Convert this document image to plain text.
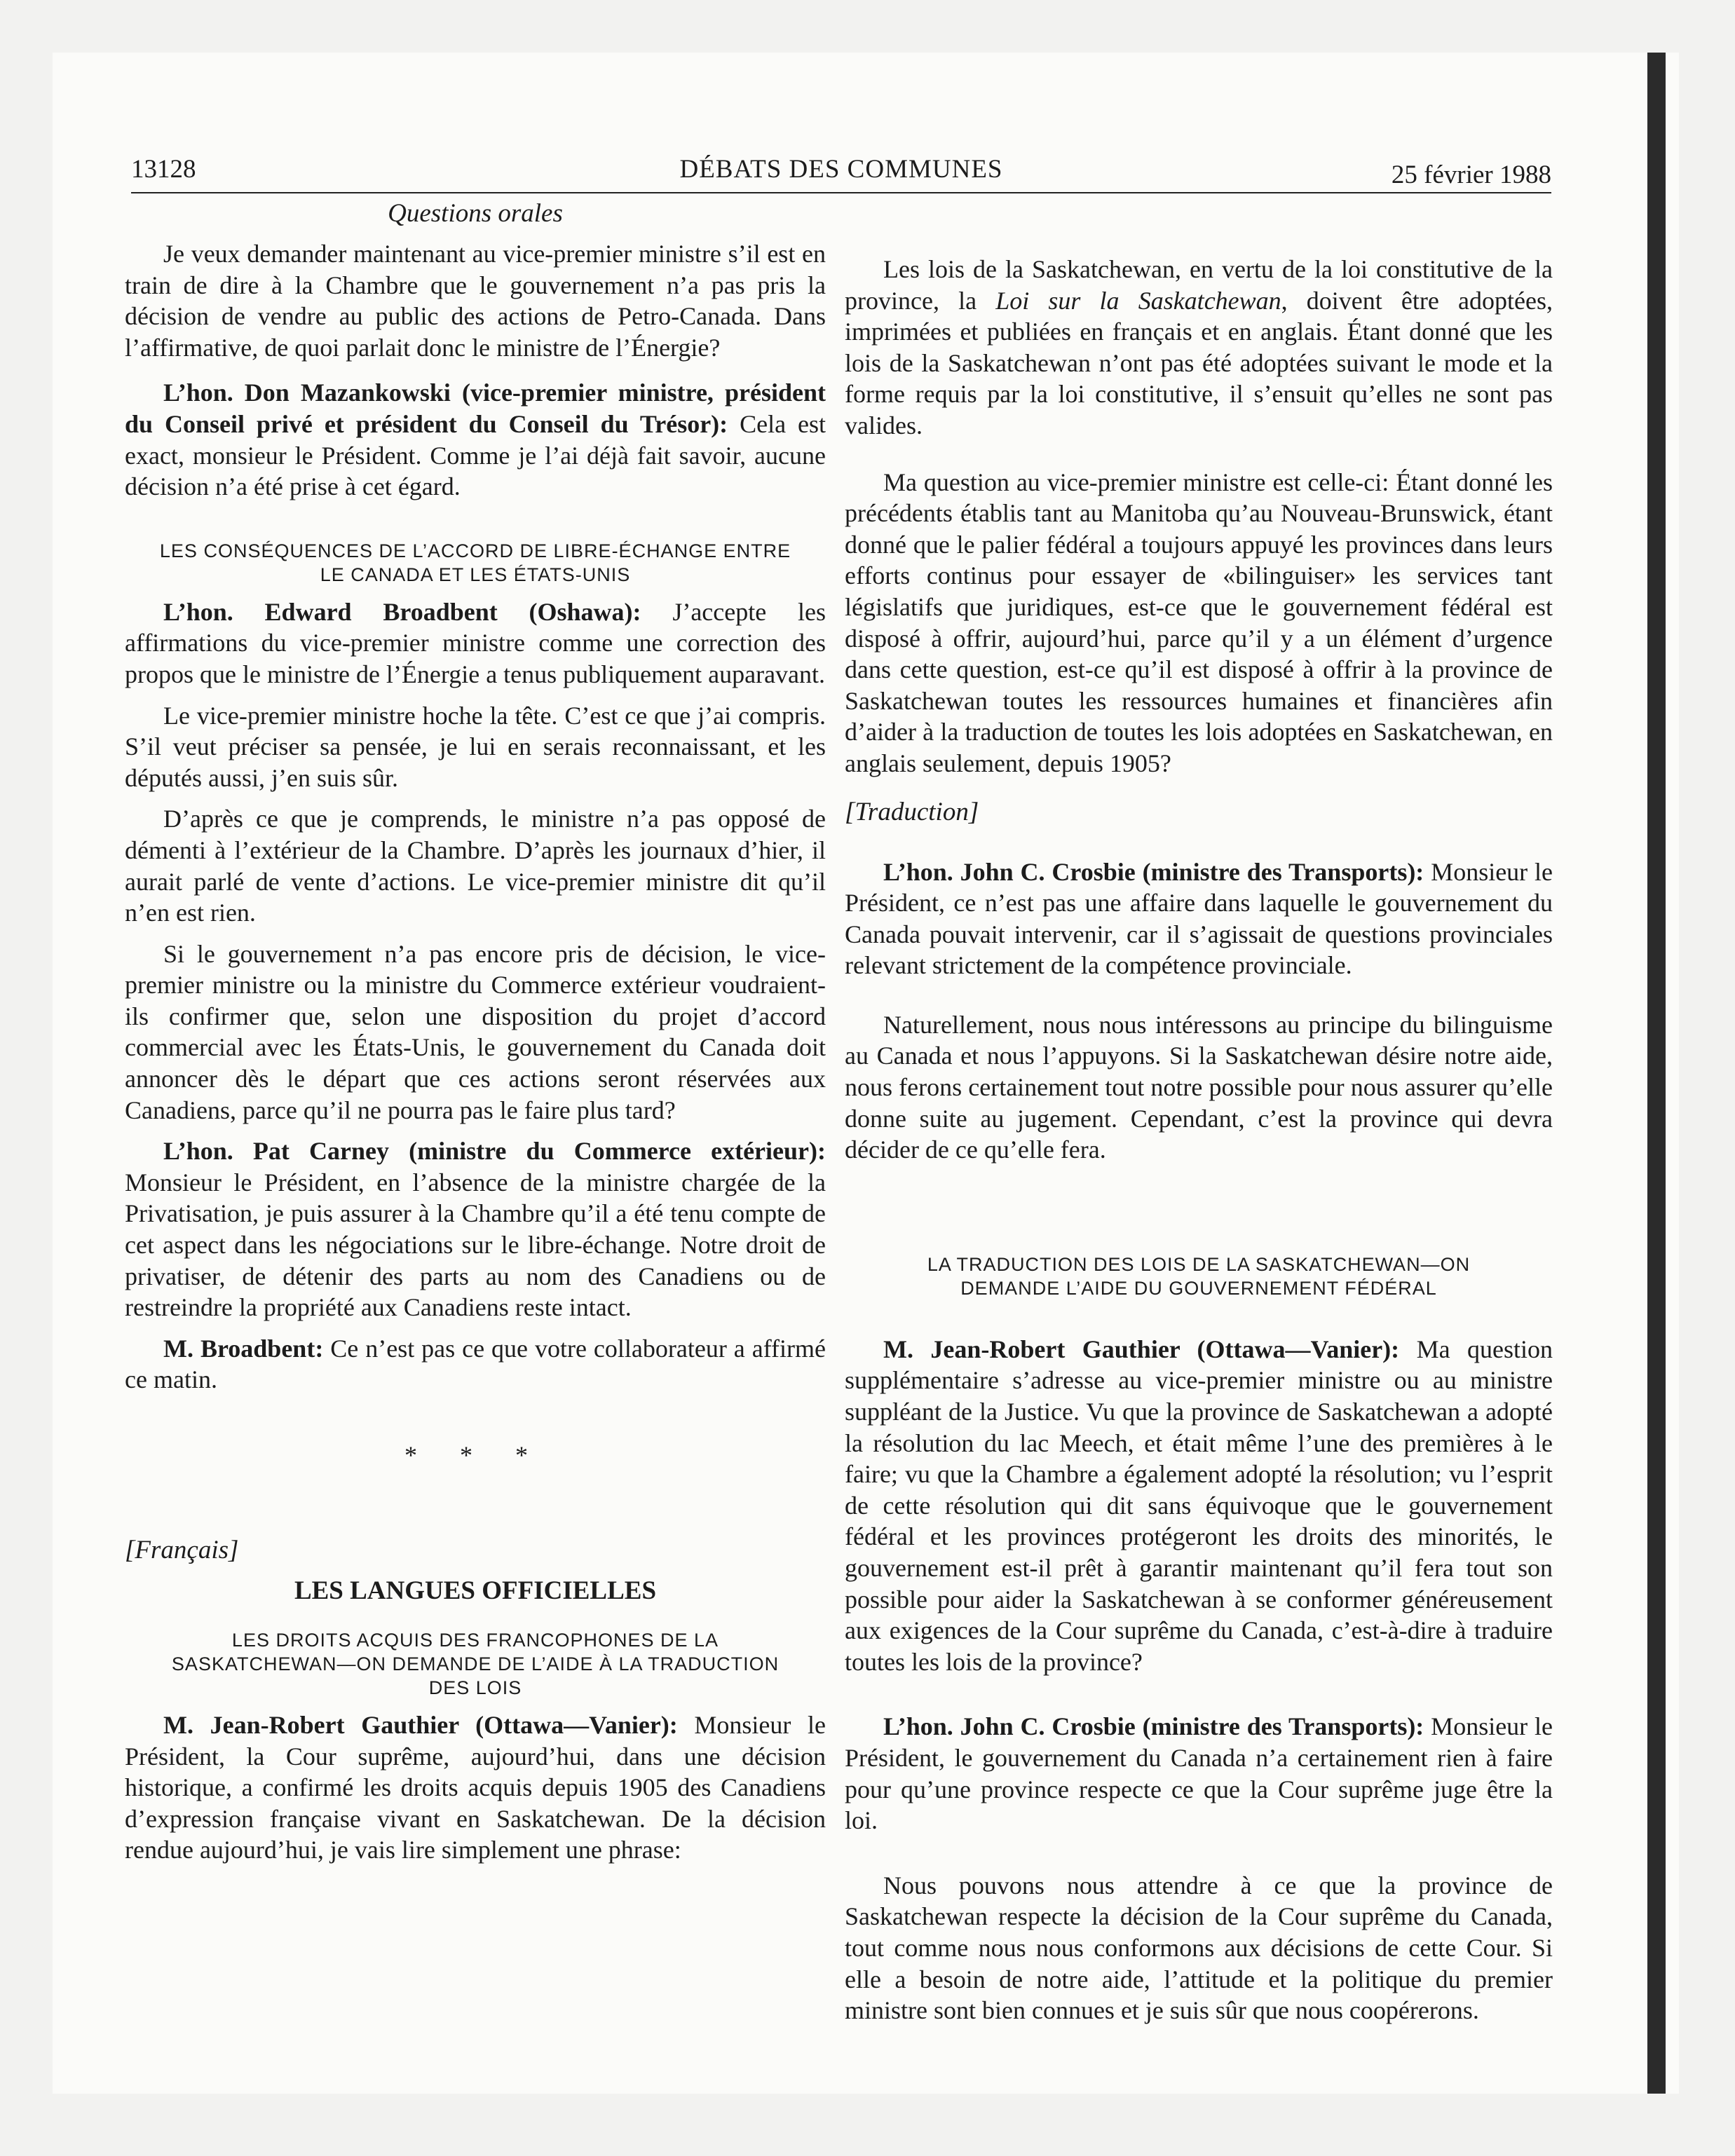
13128	DÉBATS DES COMMUNES	25 février 1988
Questions orales

Je veux demander maintenant au vice-premier ministre s’il est en train de dire à la Chambre que le gouvernement n’a pas pris la décision de vendre au public des actions de Petro-Canada. Dans l’affirmative, de quoi parlait donc le ministre de l’Énergie?

L’hon. Don Mazankowski (vice-premier ministre, président du Conseil privé et président du Conseil du Trésor): Cela est exact, monsieur le Président. Comme je l’ai déjà fait savoir, aucune décision n’a été prise à cet égard.

LES CONSÉQUENCES DE L’ACCORD DE LIBRE-ÉCHANGE ENTRE
LE CANADA ET LES ÉTATS-UNIS

L’hon. Edward Broadbent (Oshawa): J’accepte les affirmations du vice-premier ministre comme une correction des propos que le ministre de l’Énergie a tenus publiquement auparavant.

Le vice-premier ministre hoche la tête. C’est ce que j’ai compris. S’il veut préciser sa pensée, je lui en serais reconnaissant, et les députés aussi, j’en suis sûr.

D’après ce que je comprends, le ministre n’a pas opposé de démenti à l’extérieur de la Chambre. D’après les journaux d’hier, il aurait parlé de vente d’actions. Le vice-premier ministre dit qu’il n’en est rien.

Si le gouvernement n’a pas encore pris de décision, le vice-premier ministre ou la ministre du Commerce extérieur voudraient-ils confirmer que, selon une disposition du projet d’accord commercial avec les États-Unis, le gouvernement du Canada doit annoncer dès le départ que ces actions seront réservées aux Canadiens, parce qu’il ne pourra pas le faire plus tard?

L’hon. Pat Carney (ministre du Commerce extérieur): Monsieur le Président, en l’absence de la ministre chargée de la Privatisation, je puis assurer à la Chambre qu’il a été tenu compte de cet aspect dans les négociations sur le libre-échange. Notre droit de privatiser, de détenir des parts au nom des Canadiens ou de restreindre la propriété aux Canadiens reste intact.

M. Broadbent: Ce n’est pas ce que votre collaborateur a affirmé ce matin.

* * *
[Français]
LES LANGUES OFFICIELLES
LES DROITS ACQUIS DES FRANCOPHONES DE LA
SASKATCHEWAN—ON DEMANDE DE L’AIDE À LA TRADUCTION
DES LOIS

M. Jean-Robert Gauthier (Ottawa—Vanier): Monsieur le Président, la Cour suprême, aujourd’hui, dans une décision historique, a confirmé les droits acquis depuis 1905 des Canadiens d’expression française vivant en Saskatchewan. De la décision rendue aujourd’hui, je vais lire simplement une phrase:

Les lois de la Saskatchewan, en vertu de la loi constitutive de la province, la Loi sur la Saskatchewan, doivent être adoptées, imprimées et publiées en français et en anglais. Étant donné que les lois de la Saskatchewan n’ont pas été adoptées suivant le mode et la forme requis par la loi constitutive, il s’ensuit qu’elles ne sont pas valides.

Ma question au vice-premier ministre est celle-ci: Étant donné les précédents établis tant au Manitoba qu’au Nouveau-Brunswick, étant donné que le palier fédéral a toujours appuyé les provinces dans leurs efforts continus pour essayer de «bilinguiser» les services tant législatifs que juridiques, est-ce que le gouvernement fédéral est disposé à offrir, aujourd’hui, parce qu’il y a un élément d’urgence dans cette question, est-ce qu’il est disposé à offrir à la province de Saskatchewan toutes les ressources humaines et financières afin d’aider à la traduction de toutes les lois adoptées en Saskatchewan, en anglais seulement, depuis 1905?

[Traduction]

L’hon. John C. Crosbie (ministre des Transports): Monsieur le Président, ce n’est pas une affaire dans laquelle le gouvernement du Canada pouvait intervenir, car il s’agissait de questions provinciales relevant strictement de la compétence provinciale.

Naturellement, nous nous intéressons au principe du bilinguisme au Canada et nous l’appuyons. Si la Saskatchewan désire notre aide, nous ferons certainement tout notre possible pour nous assurer qu’elle donne suite au jugement. Cependant, c’est la province qui devra décider de ce qu’elle fera.

LA TRADUCTION DES LOIS DE LA SASKATCHEWAN—ON
DEMANDE L’AIDE DU GOUVERNEMENT FÉDÉRAL

M. Jean-Robert Gauthier (Ottawa—Vanier): Ma question supplémentaire s’adresse au vice-premier ministre ou au ministre suppléant de la Justice. Vu que la province de Saskatchewan a adopté la résolution du lac Meech, et était même l’une des premières à le faire; vu que la Chambre a également adopté la résolution; vu l’esprit de cette résolution qui dit sans équivoque que le gouvernement fédéral et les provinces protégeront les droits des minorités, le gouvernement est-il prêt à garantir maintenant qu’il fera tout son possible pour aider la Saskatchewan à se conformer généreusement aux exigences de la Cour suprême du Canada, c’est-à-dire à traduire toutes les lois de la province?

L’hon. John C. Crosbie (ministre des Transports): Monsieur le Président, le gouvernement du Canada n’a certainement rien à faire pour qu’une province respecte ce que la Cour suprême juge être la loi.

Nous pouvons nous attendre à ce que la province de Saskatchewan respecte la décision de la Cour suprême du Canada, tout comme nous nous conformons aux décisions de cette Cour. Si elle a besoin de notre aide, l’attitude et la politique du premier ministre sont bien connues et je suis sûr que nous coopérerons.
